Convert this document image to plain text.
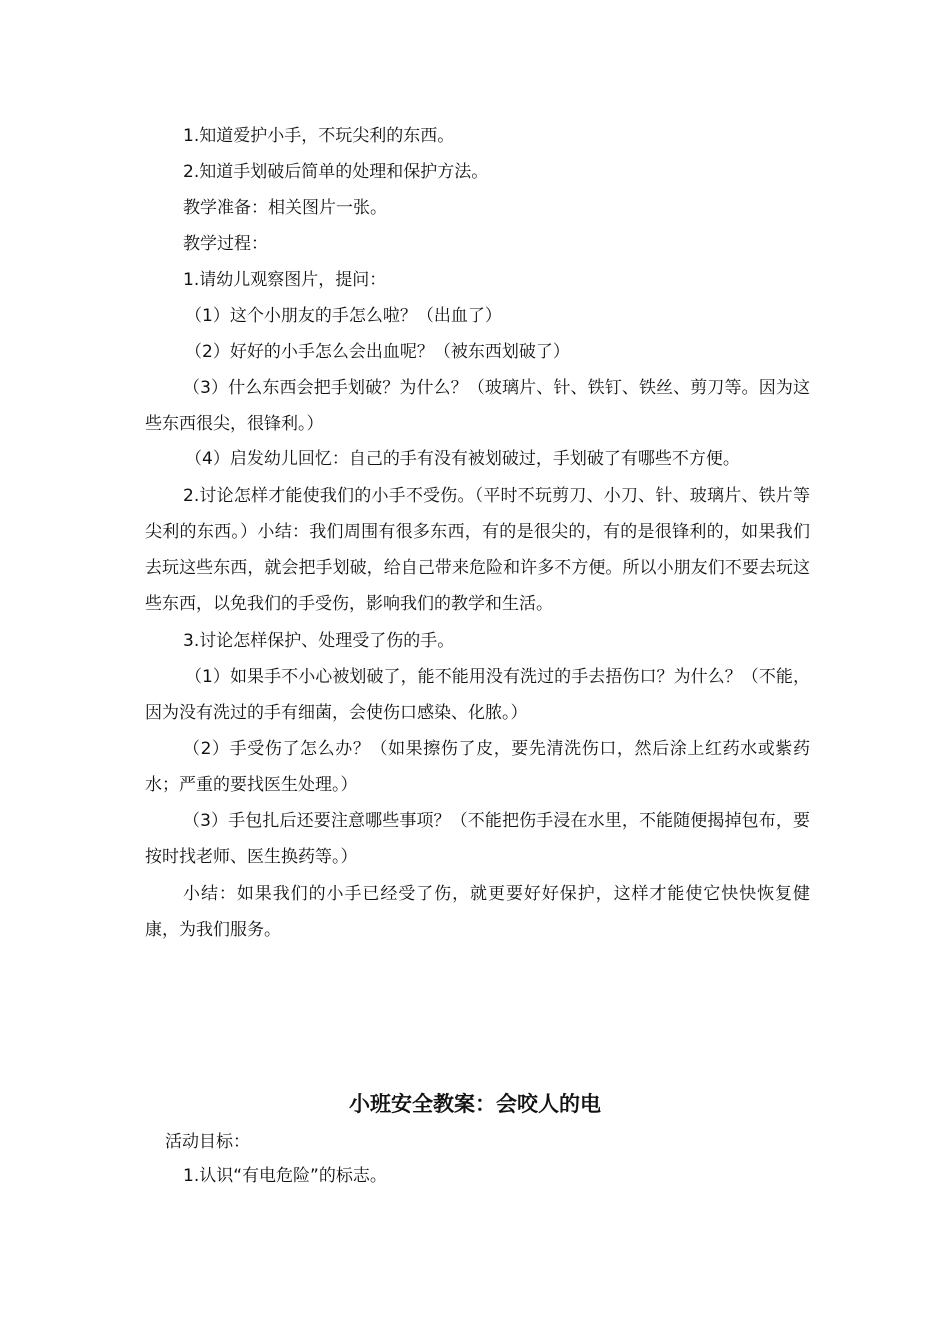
1.知道爱护小手，不玩尖利的东西。

2.知道手划破后简单的处理和保护方法。

教学准备：相关图片一张。

教学过程：

1.请幼儿观察图片，提问：

（1）这个小朋友的手怎么啦？（出血了）

（2）好好的小手怎么会出血呢？（被东西划破了）

（3）什么东西会把手划破？为什么？（玻璃片、针、铁钉、铁丝、剪刀等。因为这些东西很尖，很锋利。）

（4）启发幼儿回忆：自己的手有没有被划破过，手划破了有哪些不方便。

2.讨论怎样才能使我们的小手不受伤。（平时不玩剪刀、小刀、针、玻璃片、铁片等尖利的东西。）小结：我们周围有很多东西，有的是很尖的，有的是很锋利的，如果我们去玩这些东西，就会把手划破，给自己带来危险和许多不方便。所以小朋友们不要去玩这些东西，以免我们的手受伤，影响我们的教学和生活。

3.讨论怎样保护、处理受了伤的手。

（1）如果手不小心被划破了，能不能用没有洗过的手去捂伤口？为什么？（不能，因为没有洗过的手有细菌，会使伤口感染、化脓。）

（2）手受伤了怎么办？（如果擦伤了皮，要先清洗伤口，然后涂上红药水或紫药水；严重的要找医生处理。）

（3）手包扎后还要注意哪些事项？（不能把伤手浸在水里，不能随便揭掉包布，要按时找老师、医生换药等。）

小结：如果我们的小手已经受了伤，就更要好好保护，这样才能使它快快恢复健康，为我们服务。

小班安全教案：会咬人的电

活动目标：

1.认识“有电危险”的标志。
